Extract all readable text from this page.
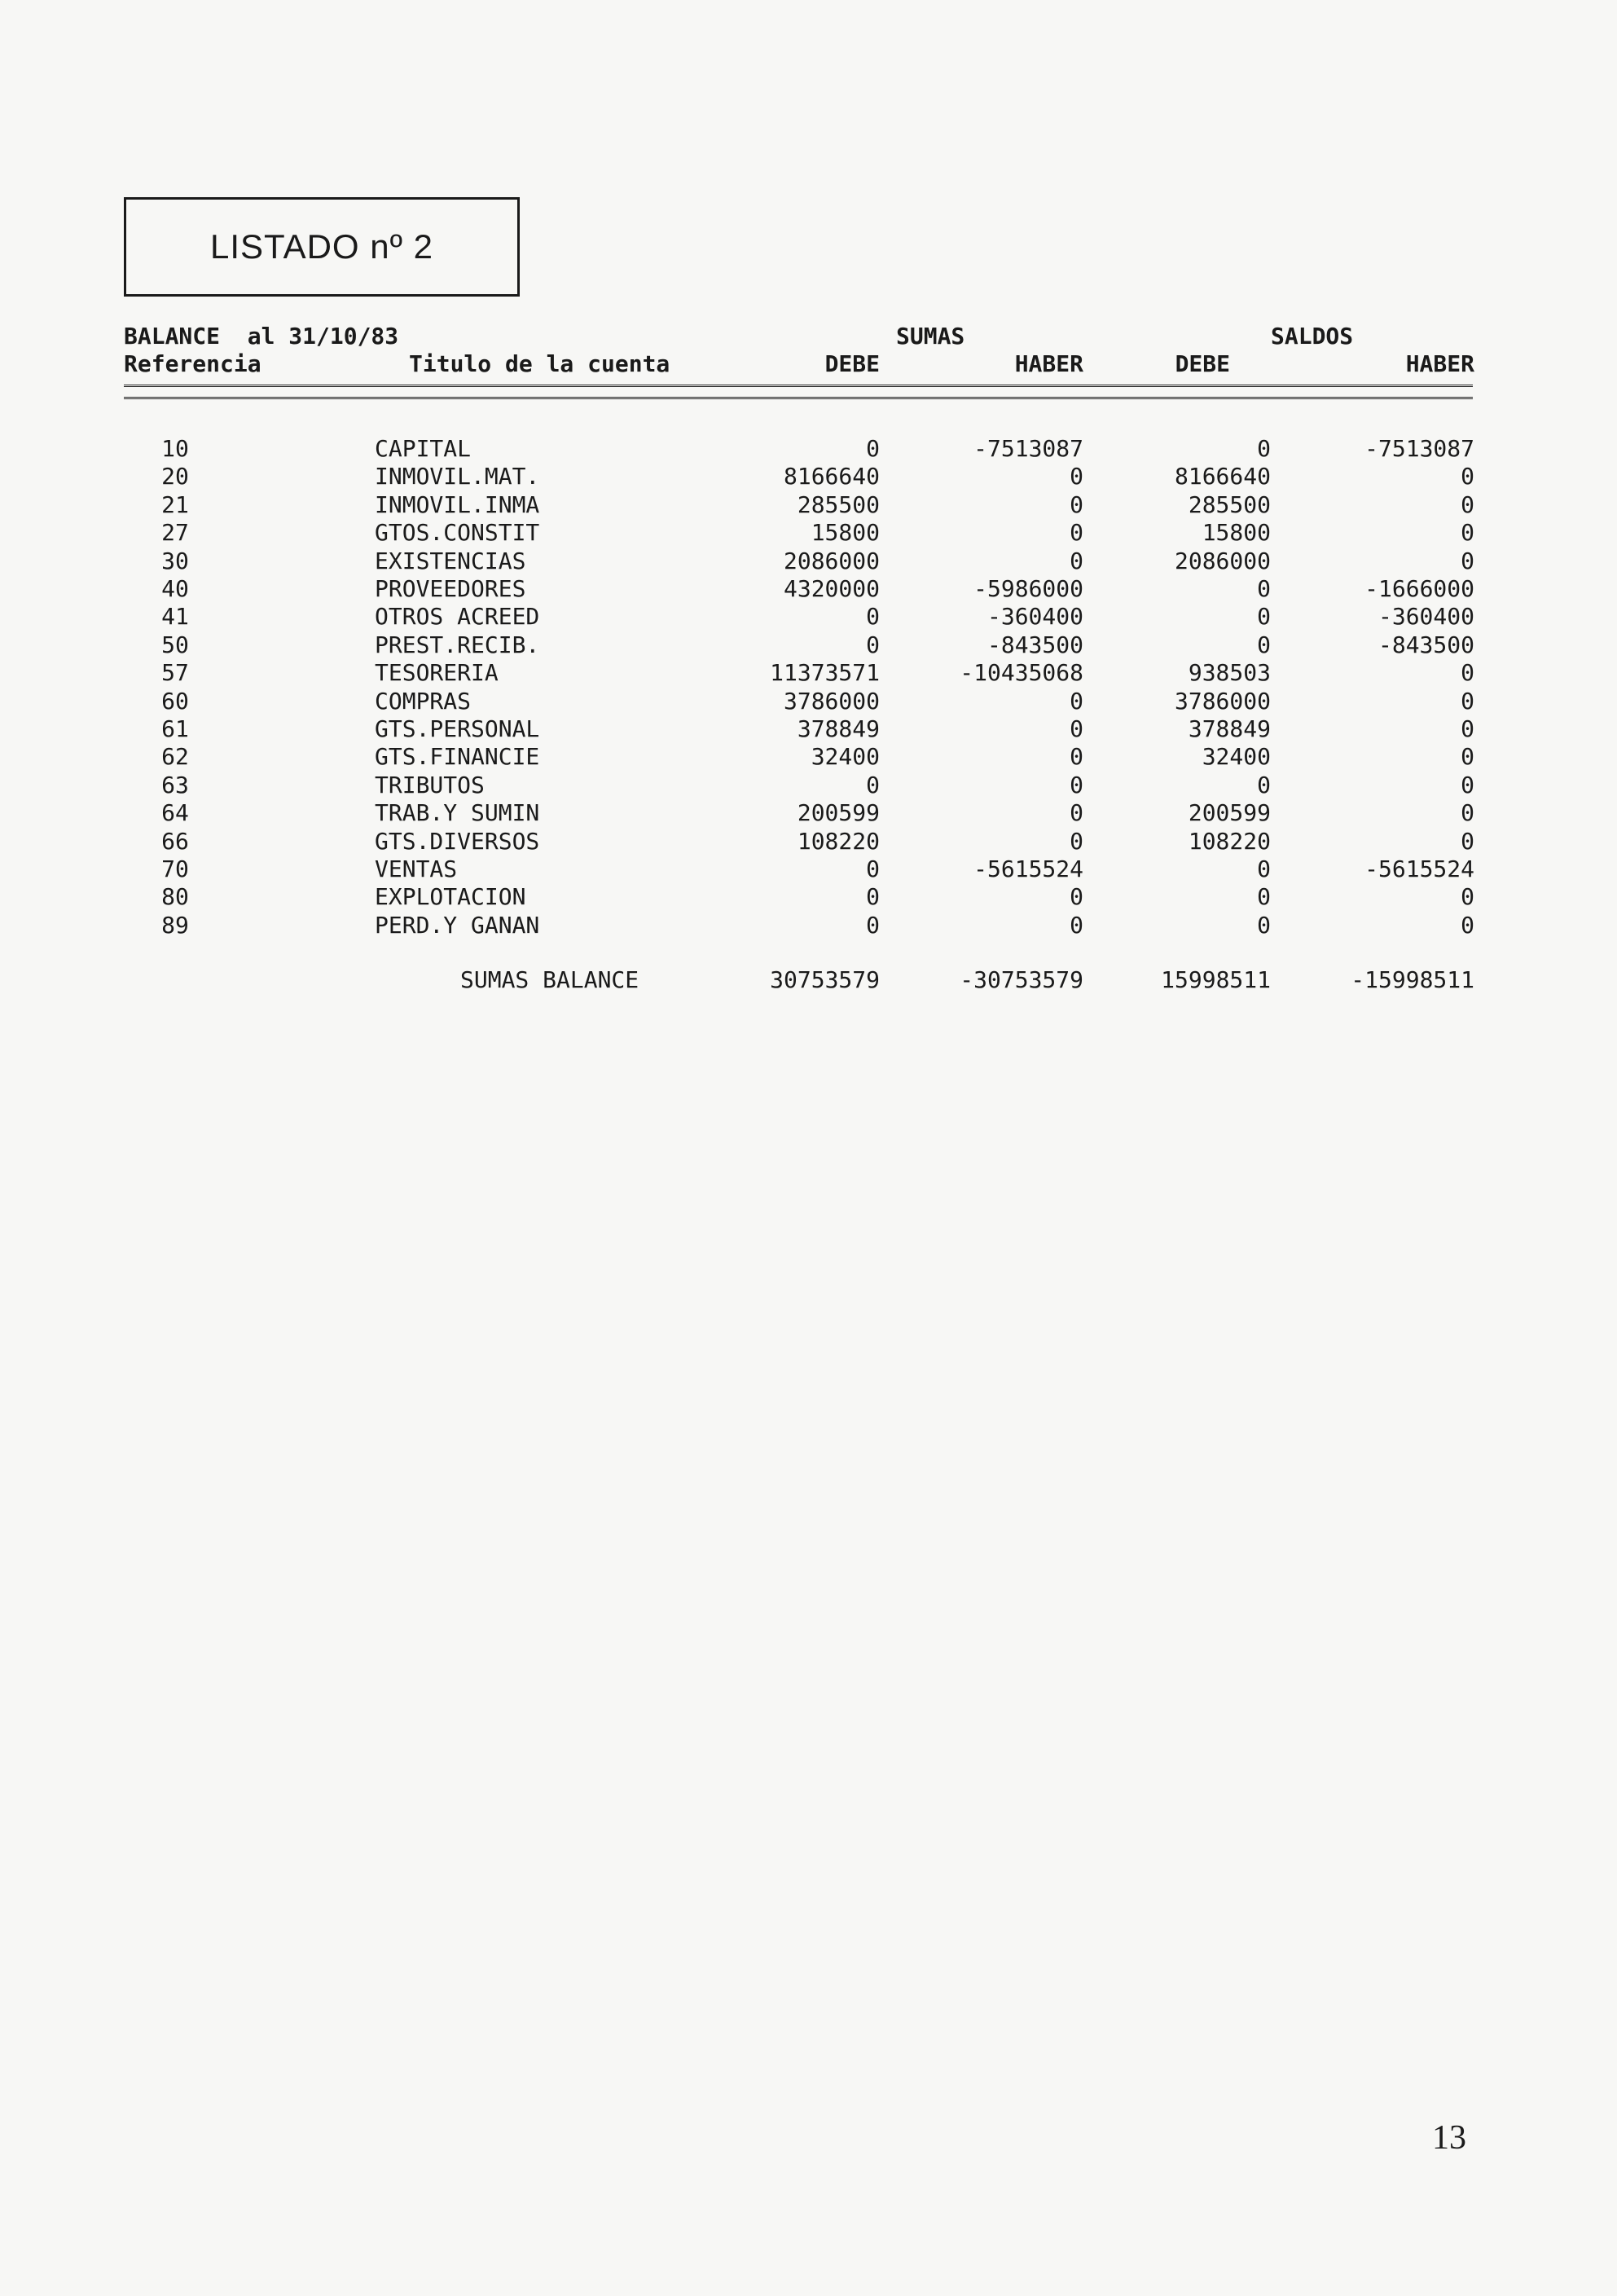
LISTADO nº 2
BALANCE  al 31/10/83	SUMAS	SALDOS
Referencia	Titulo de la cuenta	DEBE	HABER	DEBE	HABER
10	CAPITAL	0	-7513087	0	-7513087
20	INMOVIL.MAT.	8166640	0	8166640	0
21	INMOVIL.INMA	285500	0	285500	0
27	GTOS.CONSTIT	15800	0	15800	0
30	EXISTENCIAS	2086000	0	2086000	0
40	PROVEEDORES	4320000	-5986000	0	-1666000
41	OTROS ACREED	0	-360400	0	-360400
50	PREST.RECIB.	0	-843500	0	-843500
57	TESORERIA	11373571	-10435068	938503	0
60	COMPRAS	3786000	0	3786000	0
61	GTS.PERSONAL	378849	0	378849	0
62	GTS.FINANCIE	32400	0	32400	0
63	TRIBUTOS	0	0	0	0
64	TRAB.Y SUMIN	200599	0	200599	0
66	GTS.DIVERSOS	108220	0	108220	0
70	VENTAS	0	-5615524	0	-5615524
80	EXPLOTACION	0	0	0	0
89	PERD.Y GANAN	0	0	0	0
SUMAS BALANCE	30753579	-30753579	15998511	-15998511
13
